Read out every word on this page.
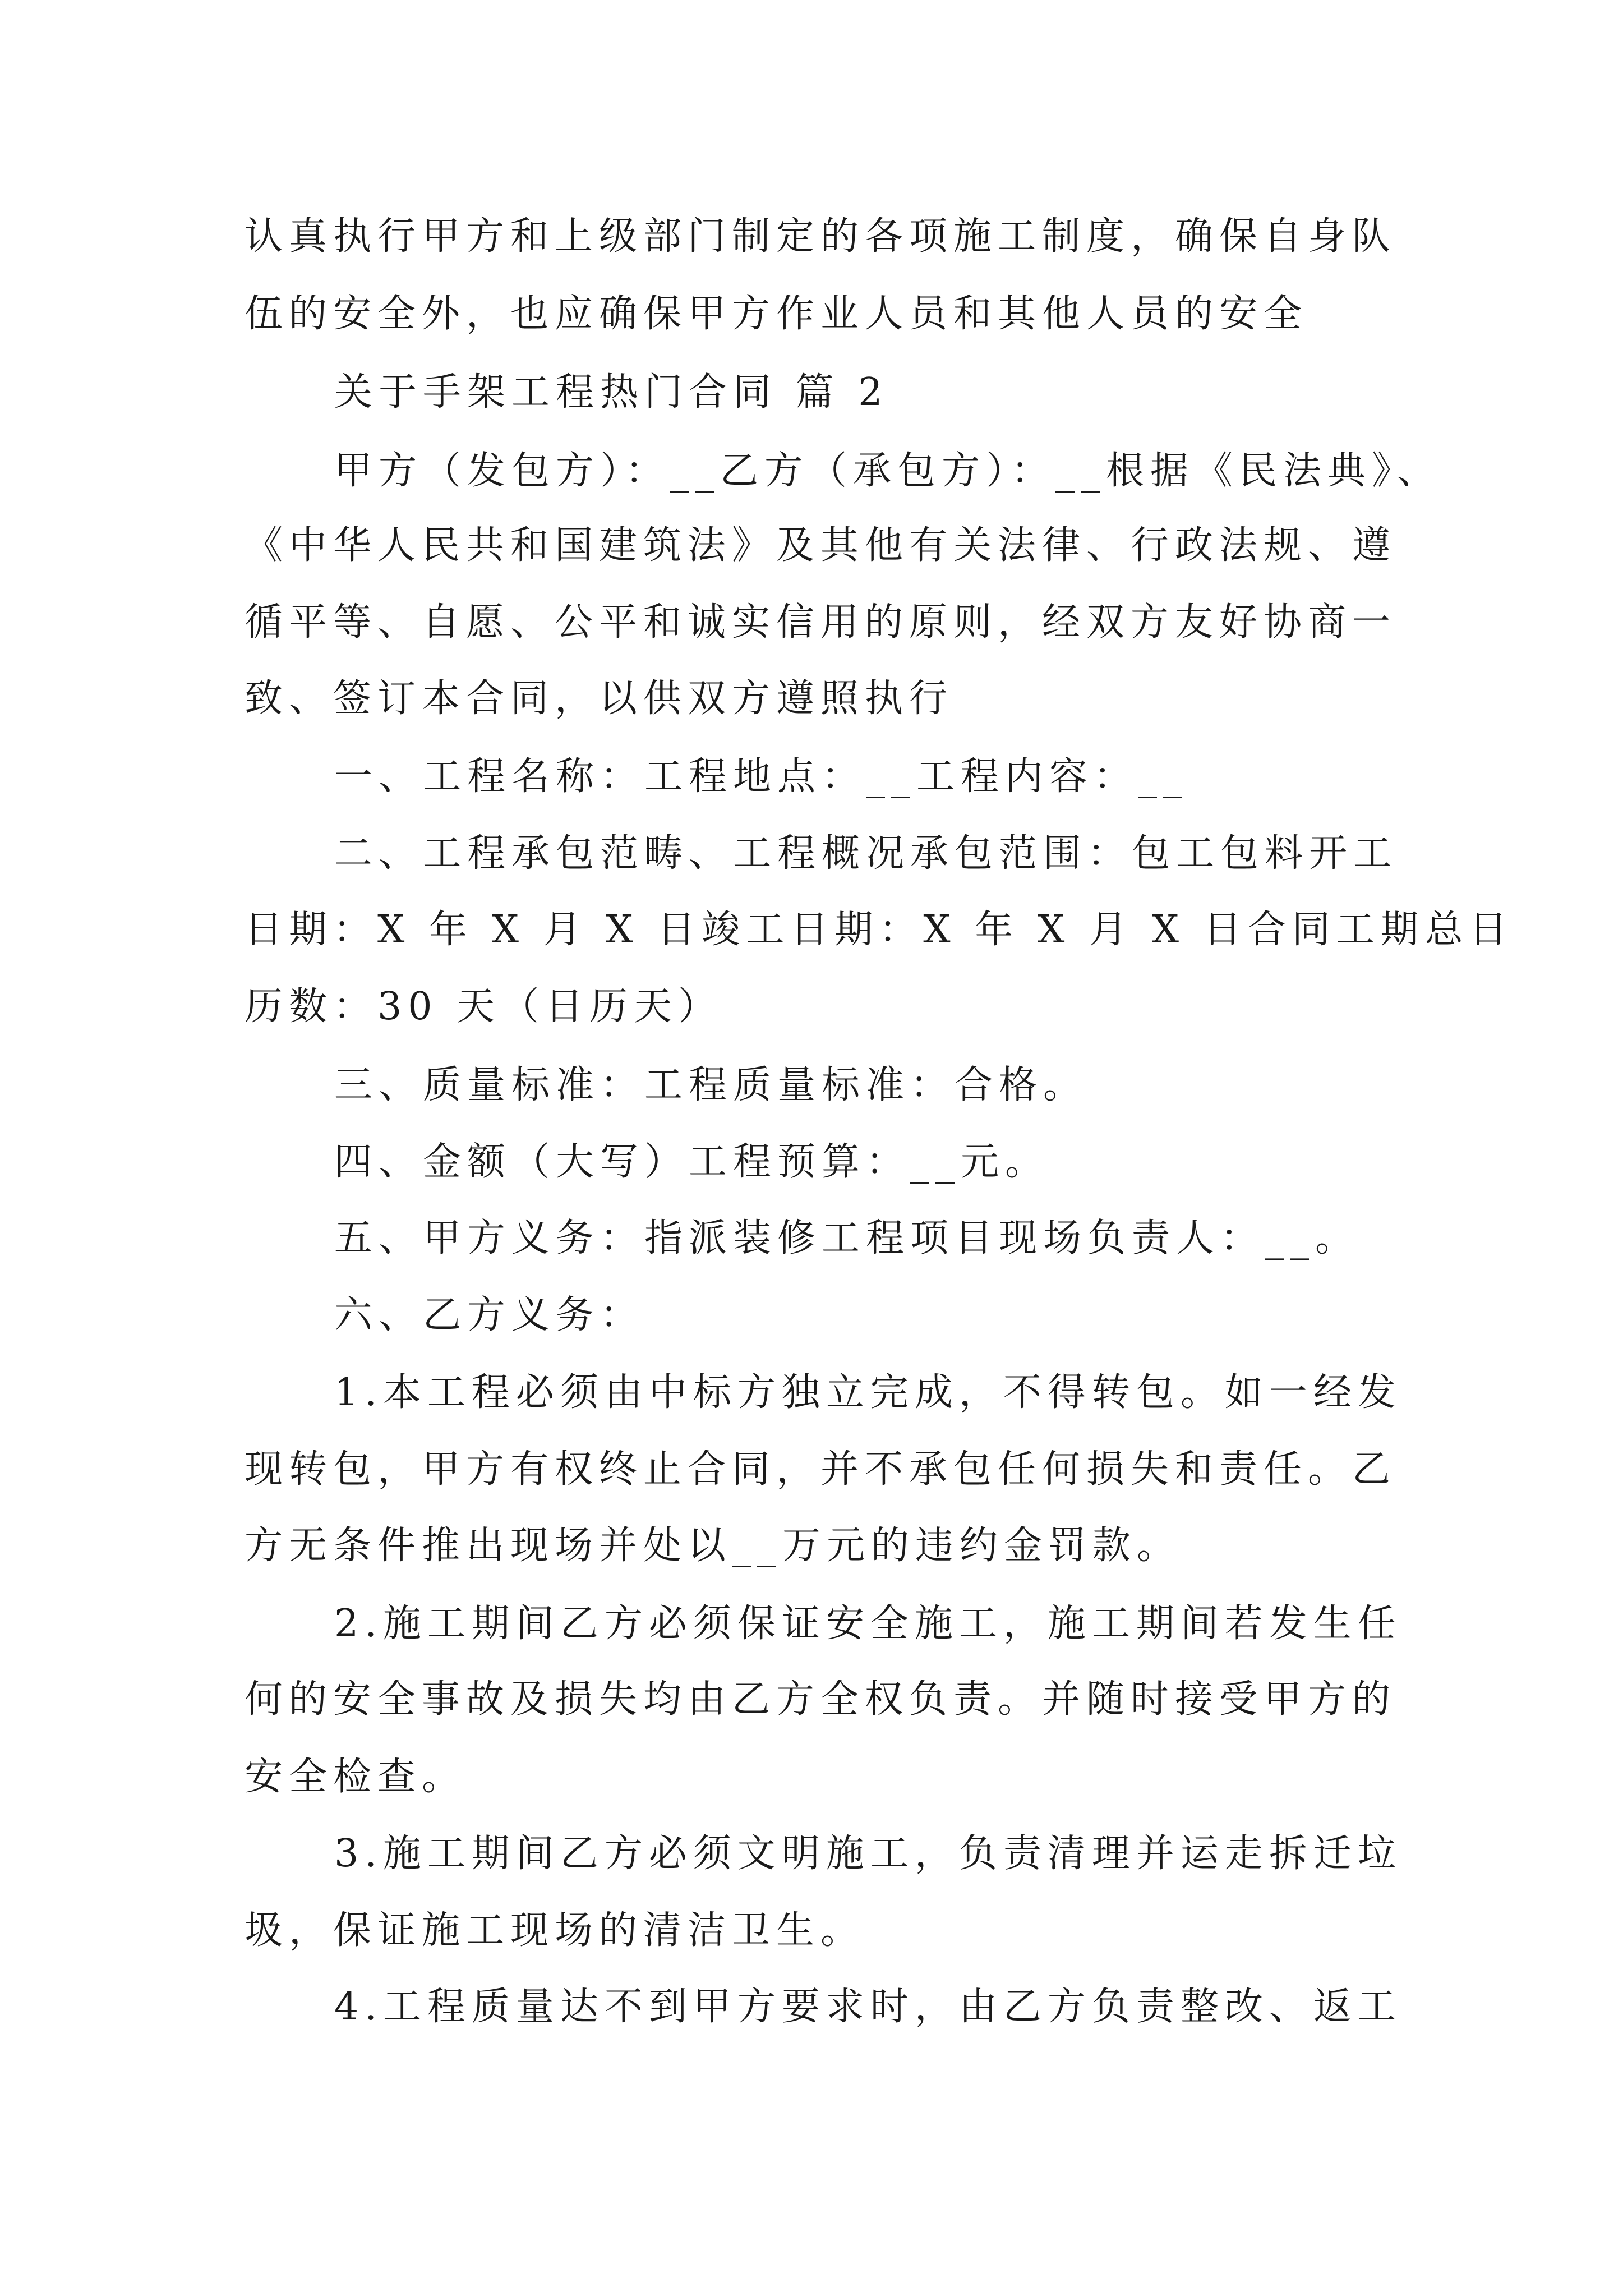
认真执行甲方和上级部门制定的各项施工制度，确保自身队

伍的安全外，也应确保甲方作业人员和其他人员的安全

关于手架工程热门合同 篇 2

甲方（发包方）：__乙方（承包方）：__根据《民法典》、

《中华人民共和国建筑法》及其他有关法律、行政法规、遵

循平等、自愿、公平和诚实信用的原则，经双方友好协商一

致、签订本合同，以供双方遵照执行

一、工程名称：工程地点：__工程内容：__

二、工程承包范畴、工程概况承包范围：包工包料开工

日期：X 年 X 月 X 日竣工日期：X 年 X 月 X 日合同工期总日

历数：30 天（日历天）

三、质量标准：工程质量标准：合格。

四、金额（大写）工程预算：__元。

五、甲方义务：指派装修工程项目现场负责人：__。

六、乙方义务：

1.本工程必须由中标方独立完成，不得转包。如一经发

现转包，甲方有权终止合同，并不承包任何损失和责任。乙

方无条件推出现场并处以__万元的违约金罚款。

2.施工期间乙方必须保证安全施工，施工期间若发生任

何的安全事故及损失均由乙方全权负责。并随时接受甲方的

安全检查。

3.施工期间乙方必须文明施工，负责清理并运走拆迁垃

圾，保证施工现场的清洁卫生。

4.工程质量达不到甲方要求时，由乙方负责整改、返工
